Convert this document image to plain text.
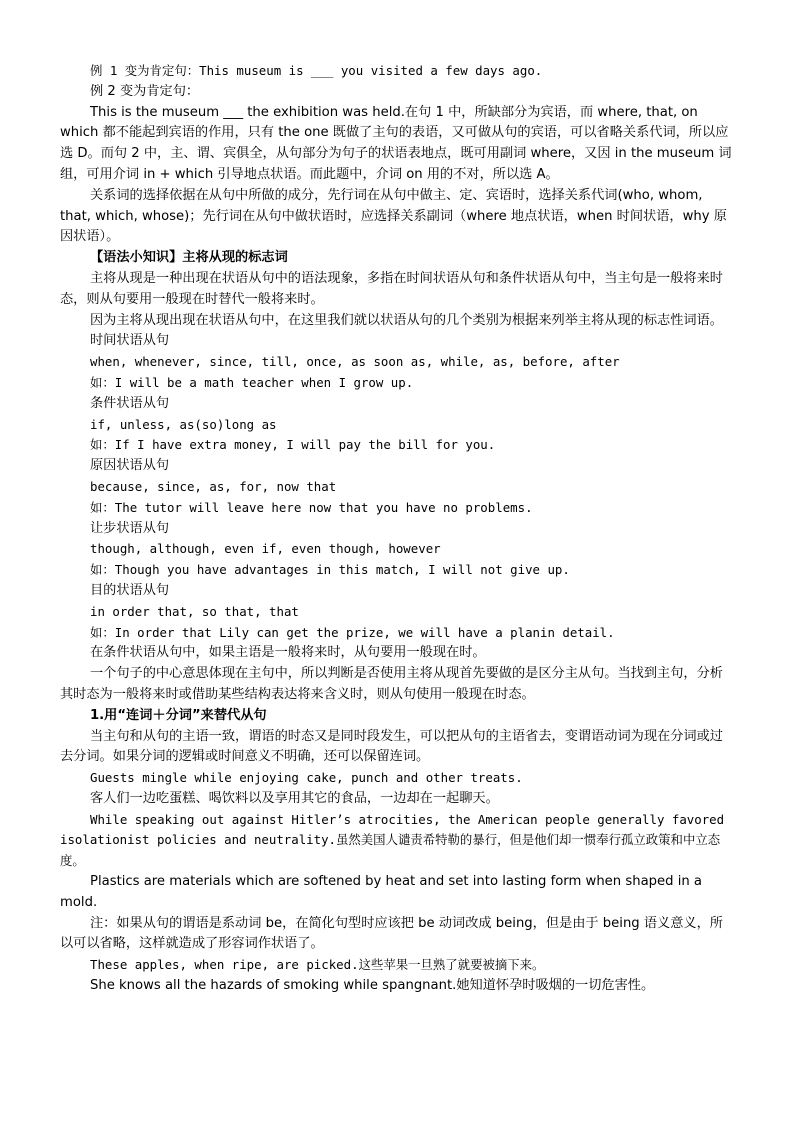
例 1 变为肯定句：This museum is ___ you visited a few days ago.

例 2 变为肯定句：

This is the museum ___ the exhibition was held.在句 1 中，所缺部分为宾语，而 where, that, on which 都不能起到宾语的作用，只有 the one 既做了主句的表语，又可做从句的宾语，可以省略关系代词，所以应选 D。而句 2 中，主、谓、宾俱全，从句部分为句子的状语表地点，既可用副词 where，又因 in the museum 词组，可用介词 in + which 引导地点状语。而此题中，介词 on 用的不对，所以选 A。

关系词的选择依据在从句中所做的成分，先行词在从句中做主、定、宾语时，选择关系代词(who, whom, that, which, whose)；先行词在从句中做状语时，应选择关系副词（where 地点状语，when 时间状语，why 原因状语）。

【语法小知识】主将从现的标志词

主将从现是一种出现在状语从句中的语法现象，多指在时间状语从句和条件状语从句中，当主句是一般将来时态，则从句要用一般现在时替代一般将来时。

因为主将从现出现在状语从句中，在这里我们就以状语从句的几个类别为根据来列举主将从现的标志性词语。

时间状语从句

when, whenever, since, till, once, as soon as, while, as, before, after

如：I will be a math teacher when I grow up.

条件状语从句

if, unless, as(so)long as

如：If I have extra money, I will pay the bill for you.

原因状语从句

because, since, as, for, now that

如：The tutor will leave here now that you have no problems.

让步状语从句

though, although, even if, even though, however

如：Though you have advantages in this match, I will not give up.

目的状语从句

in order that, so that, that

如：In order that Lily can get the prize, we will have a planin detail.

在条件状语从句中，如果主语是一般将来时，从句要用一般现在时。

一个句子的中心意思体现在主句中，所以判断是否使用主将从现首先要做的是区分主从句。当找到主句，分析其时态为一般将来时或借助某些结构表达将来含义时，则从句使用一般现在时态。

1.用“连词＋分词”来替代从句

当主句和从句的主语一致，谓语的时态又是同时段发生，可以把从句的主语省去，变谓语动词为现在分词或过去分词。如果分词的逻辑或时间意义不明确，还可以保留连词。

Guests mingle while enjoying cake, punch and other treats.

客人们一边吃蛋糕、喝饮料以及享用其它的食品，一边却在一起聊天。

While speaking out against Hitler’s atrocities, the American people generally favored isolationist policies and neutrality.虽然美国人谴责希特勒的暴行，但是他们却一惯奉行孤立政策和中立态度。

Plastics are materials which are softened by heat and set into lasting form when shaped in a mold.

注：如果从句的谓语是系动词 be，在简化句型时应该把 be 动词改成 being，但是由于 being 语义意义，所以可以省略，这样就造成了形容词作状语了。

These apples, when ripe, are picked.这些苹果一旦熟了就要被摘下来。

She knows all the hazards of smoking while spangnant.她知道怀孕时吸烟的一切危害性。
